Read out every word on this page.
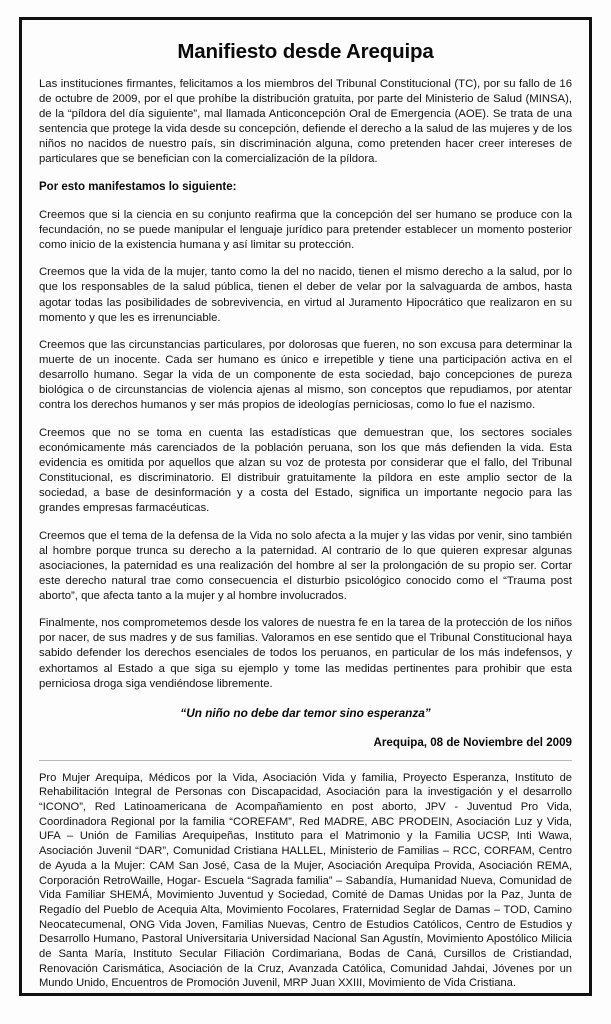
Manifiesto desde Arequipa

Las instituciones firmantes, felicitamos a los miembros del Tribunal Constitucional (TC), por su fallo de 16 de octubre de 2009, por el que prohíbe la distribución gratuita, por parte del Ministerio de Salud (MINSA), de la “píldora del día siguiente”, mal llamada Anticoncepción Oral de Emergencia (AOE). Se trata de una sentencia que protege la vida desde su concepción, defiende el derecho a la salud de las mujeres y de los niños no nacidos de nuestro país, sin discriminación alguna, como pretenden hacer creer intereses de particulares que se benefician con la comercialización de la píldora.

Por esto manifestamos lo siguiente:

Creemos que si la ciencia en su conjunto reafirma que la concepción del ser humano se produce con la fecundación, no se puede manipular el lenguaje jurídico para pretender establecer un momento posterior como inicio de la existencia humana y así limitar su protección.

Creemos que la vida de la mujer, tanto como la del no nacido, tienen el mismo derecho a la salud, por lo que los responsables de la salud pública, tienen el deber de velar por la salvaguarda de ambos, hasta agotar todas las posibilidades de sobrevivencia, en virtud al Juramento Hipocrático que realizaron en su momento y que les es irrenunciable.

Creemos que las circunstancias particulares, por dolorosas que fueren, no son excusa para determinar la muerte de un inocente. Cada ser humano es único e irrepetible y tiene una participación activa en el desarrollo humano. Segar la vida de un componente de esta sociedad, bajo concepciones de pureza biológica o de circunstancias de violencia ajenas al mismo, son conceptos que repudiamos, por atentar contra los derechos humanos y ser más propios de ideologías perniciosas, como lo fue el nazismo.

Creemos que no se toma en cuenta las estadísticas que demuestran que, los sectores sociales económicamente más carenciados de la población peruana, son los que más defienden la vida. Esta evidencia es omitida por aquellos que alzan su voz de protesta por considerar que el fallo, del Tribunal Constitucional, es discriminatorio. El distribuir gratuitamente la píldora en este amplio sector de la sociedad, a base de desinformación y a costa del Estado, significa un importante negocio para las grandes empresas farmacéuticas.

Creemos que el tema de la defensa de la Vida no solo afecta a la mujer y las vidas por venir, sino también al hombre porque trunca su derecho a la paternidad. Al contrario de lo que quieren expresar algunas asociaciones, la paternidad es una realización del hombre al ser la prolongación de su propio ser. Cortar este derecho natural trae como consecuencia el disturbio psicológico conocido como el “Trauma post aborto”, que afecta tanto a la mujer y al hombre involucrados.

Finalmente, nos comprometemos desde los valores de nuestra fe en la tarea de la protección de los niños por nacer, de sus madres y de sus familias. Valoramos en ese sentido que el Tribunal Constitucional haya sabido defender los derechos esenciales de todos los peruanos, en particular de los más indefensos, y exhortamos al Estado a que siga su ejemplo y tome las medidas pertinentes para prohibir que esta perniciosa droga siga vendiéndose libremente.

“Un niño no debe dar temor sino esperanza”

Arequipa, 08 de Noviembre del 2009

Pro Mujer Arequipa, Médicos por la Vida, Asociación Vida y familia, Proyecto Esperanza, Instituto de Rehabilitación Integral de Personas con Discapacidad, Asociación para la investigación y el desarrollo “ICONO”, Red Latinoamericana de Acompañamiento en post aborto, JPV - Juventud Pro Vida, Coordinadora Regional por la familia “COREFAM”, Red MADRE, ABC PRODEIN, Asociación Luz y Vida, UFA – Unión de Familias Arequipeñas, Instituto para el Matrimonio y la Familia UCSP, Inti Wawa, Asociación Juvenil “DAR”, Comunidad Cristiana HALLEL, Ministerio de Familias – RCC, CORFAM, Centro de Ayuda a la Mujer: CAM San José, Casa de la Mujer, Asociación Arequipa Provida, Asociación REMA, Corporación RetroWaille, Hogar- Escuela “Sagrada familia” – Sabandía, Humanidad Nueva, Comunidad de Vida Familiar SHEMÁ, Movimiento Juventud y Sociedad, Comité de Damas Unidas por la Paz, Junta de Regadío del Pueblo de Acequia Alta, Movimiento Focolares, Fraternidad Seglar de Damas – TOD, Camino Neocatecumenal, ONG Vida Joven, Familias Nuevas, Centro de Estudios Católicos, Centro de Estudios y Desarrollo Humano, Pastoral Universitaria Universidad Nacional San Agustín, Movimiento Apostólico Milicia de Santa María, Instituto Secular Filiación Cordimariana, Bodas de Caná, Cursillos de Cristiandad, Renovación Carismática, Asociación de la Cruz, Avanzada Católica, Comunidad Jahdai, Jóvenes por un Mundo Unido, Encuentros de Promoción Juvenil, MRP Juan XXIII, Movimiento de Vida Cristiana.
